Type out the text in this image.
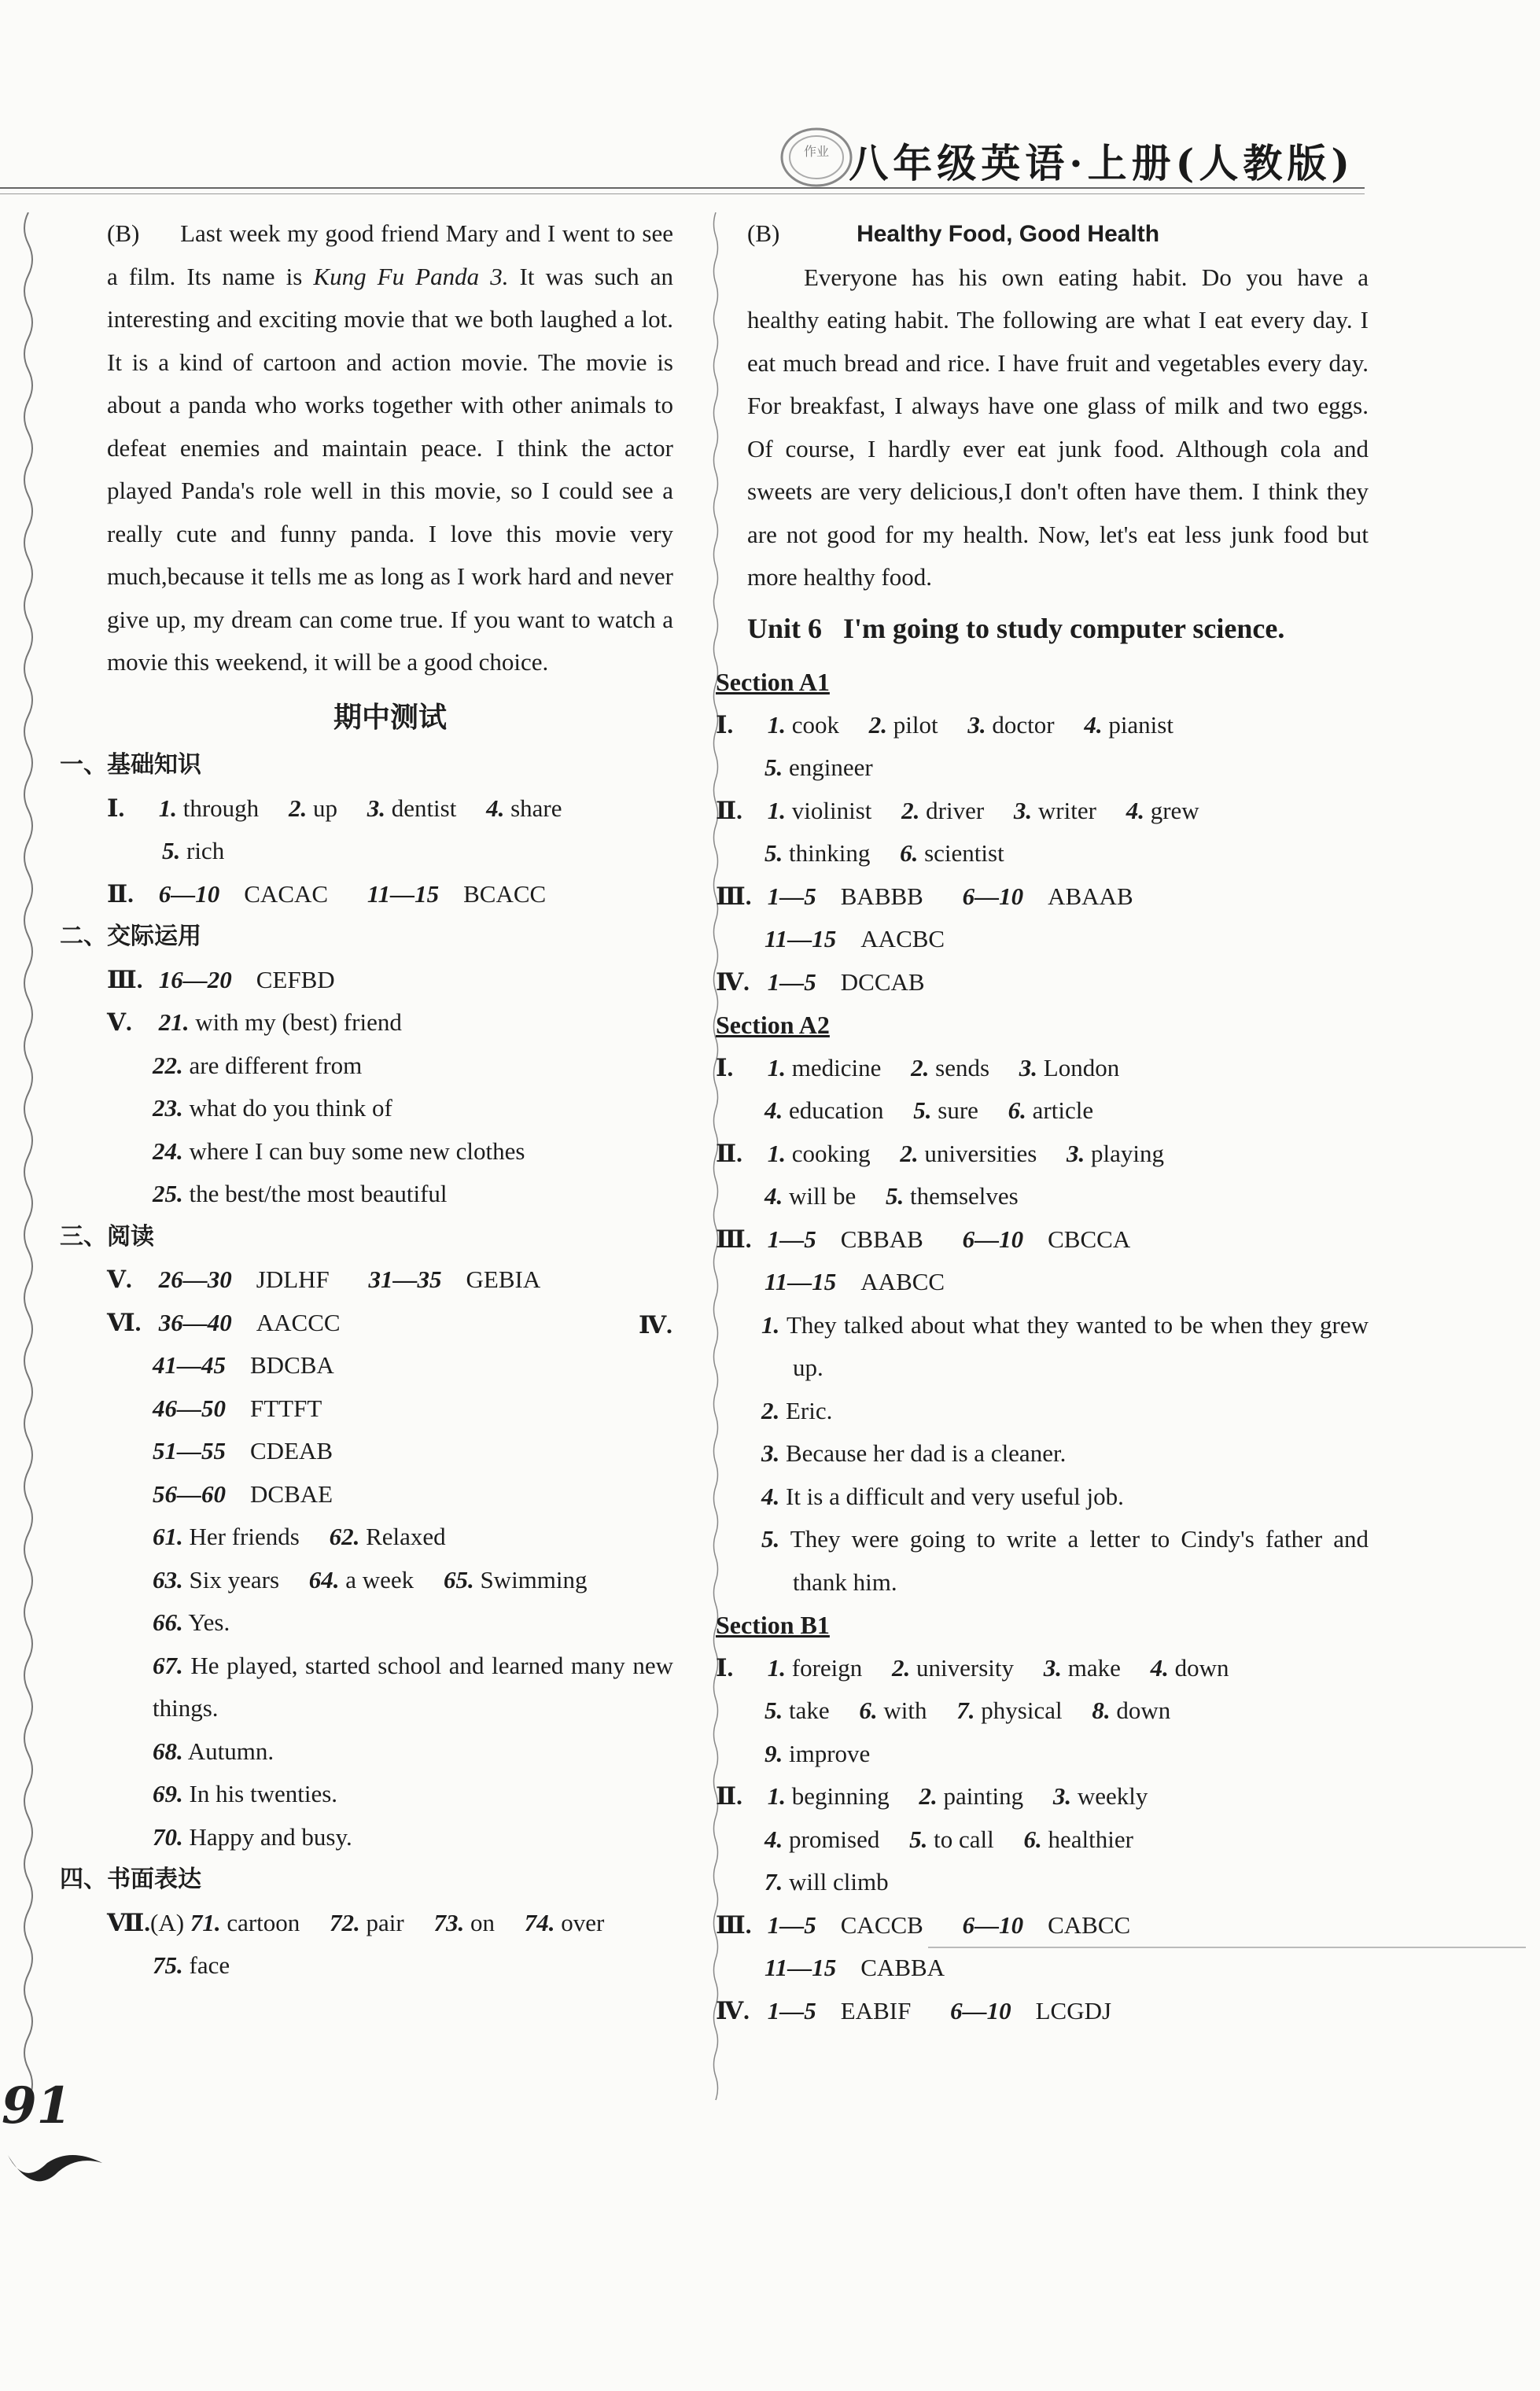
作业 八年级英语·上册(人教版)
(B) Last week my good friend Mary and I went to see a film. Its name is Kung Fu Panda 3. It was such an interesting and exciting movie that we both laughed a lot. It is a kind of cartoon and action movie. The movie is about a panda who works together with other animals to defeat enemies and maintain peace. I think the actor played Panda's role well in this movie, so I could see a really cute and funny panda. I love this movie very much,because it tells me as long as I work hard and never give up, my dream can come true. If you want to watch a movie this weekend, it will be a good choice.
期中测试
一、基础知识
Ⅰ. 1. through 2. up 3. dentist 4. share
5. rich
Ⅱ. 6—10 CACAC 11—15 BCACC
二、交际运用
Ⅲ. 16—20 CEFBD
Ⅴ. 21. with my (best) friend
22. are different from
23. what do you think of
24. where I can buy some new clothes
25. the best/the most beautiful
三、阅读
Ⅴ. 26—30 JDLHF 31—35 GEBIA
Ⅵ. 36—40 AACCC
41—45 BDCBA
46—50 FTTFT
51—55 CDEAB
56—60 DCBAE
61. Her friends 62. Relaxed
63. Six years 64. a week 65. Swimming
66. Yes.
67. He played, started school and learned many new things.
68. Autumn.
69. In his twenties.
70. Happy and busy.
四、书面表达
Ⅶ.(A) 71. cartoon 72. pair 73. on 74. over
75. face
(B)	Healthy Food, Good Health
Everyone has his own eating habit. Do you have a healthy eating habit. The following are what I eat every day. I eat much bread and rice. I have fruit and vegetables every day. For breakfast, I always have one glass of milk and two eggs. Of course, I hardly ever eat junk food. Although cola and sweets are very delicious,I don't often have them. I think they are not good for my health. Now, let's eat less junk food but more healthy food.
Unit 6   I'm going to study computer science.
Section A1
Ⅰ. 1. cook 2. pilot 3. doctor 4. pianist
5. engineer
Ⅱ. 1. violinist 2. driver 3. writer 4. grew
5. thinking 6. scientist
Ⅲ. 1—5 BABBB 6—10 ABAAB
11—15 AACBC
Ⅳ. 1—5 DCCAB
Section A2
Ⅰ. 1. medicine 2. sends 3. London
4. education 5. sure 6. article
Ⅱ. 1. cooking 2. universities 3. playing
4. will be 5. themselves
Ⅲ. 1—5 CBBAB 6—10 CBCCA
11—15 AABCC
Ⅳ.	1. They talked about what they wanted to be when they grew up.
2. Eric.
3. Because her dad is a cleaner.
4. It is a difficult and very useful job.
5. They were going to write a letter to Cindy's father and thank him.
Section B1
Ⅰ. 1. foreign 2. university 3. make 4. down
5. take 6. with 7. physical 8. down
9. improve
Ⅱ. 1. beginning 2. painting 3. weekly
4. promised 5. to call 6. healthier
7. will climb
Ⅲ. 1—5 CACCB 6—10 CABCC
11—15 CABBA
Ⅳ. 1—5 EABIF 6—10 LCGDJ
91
